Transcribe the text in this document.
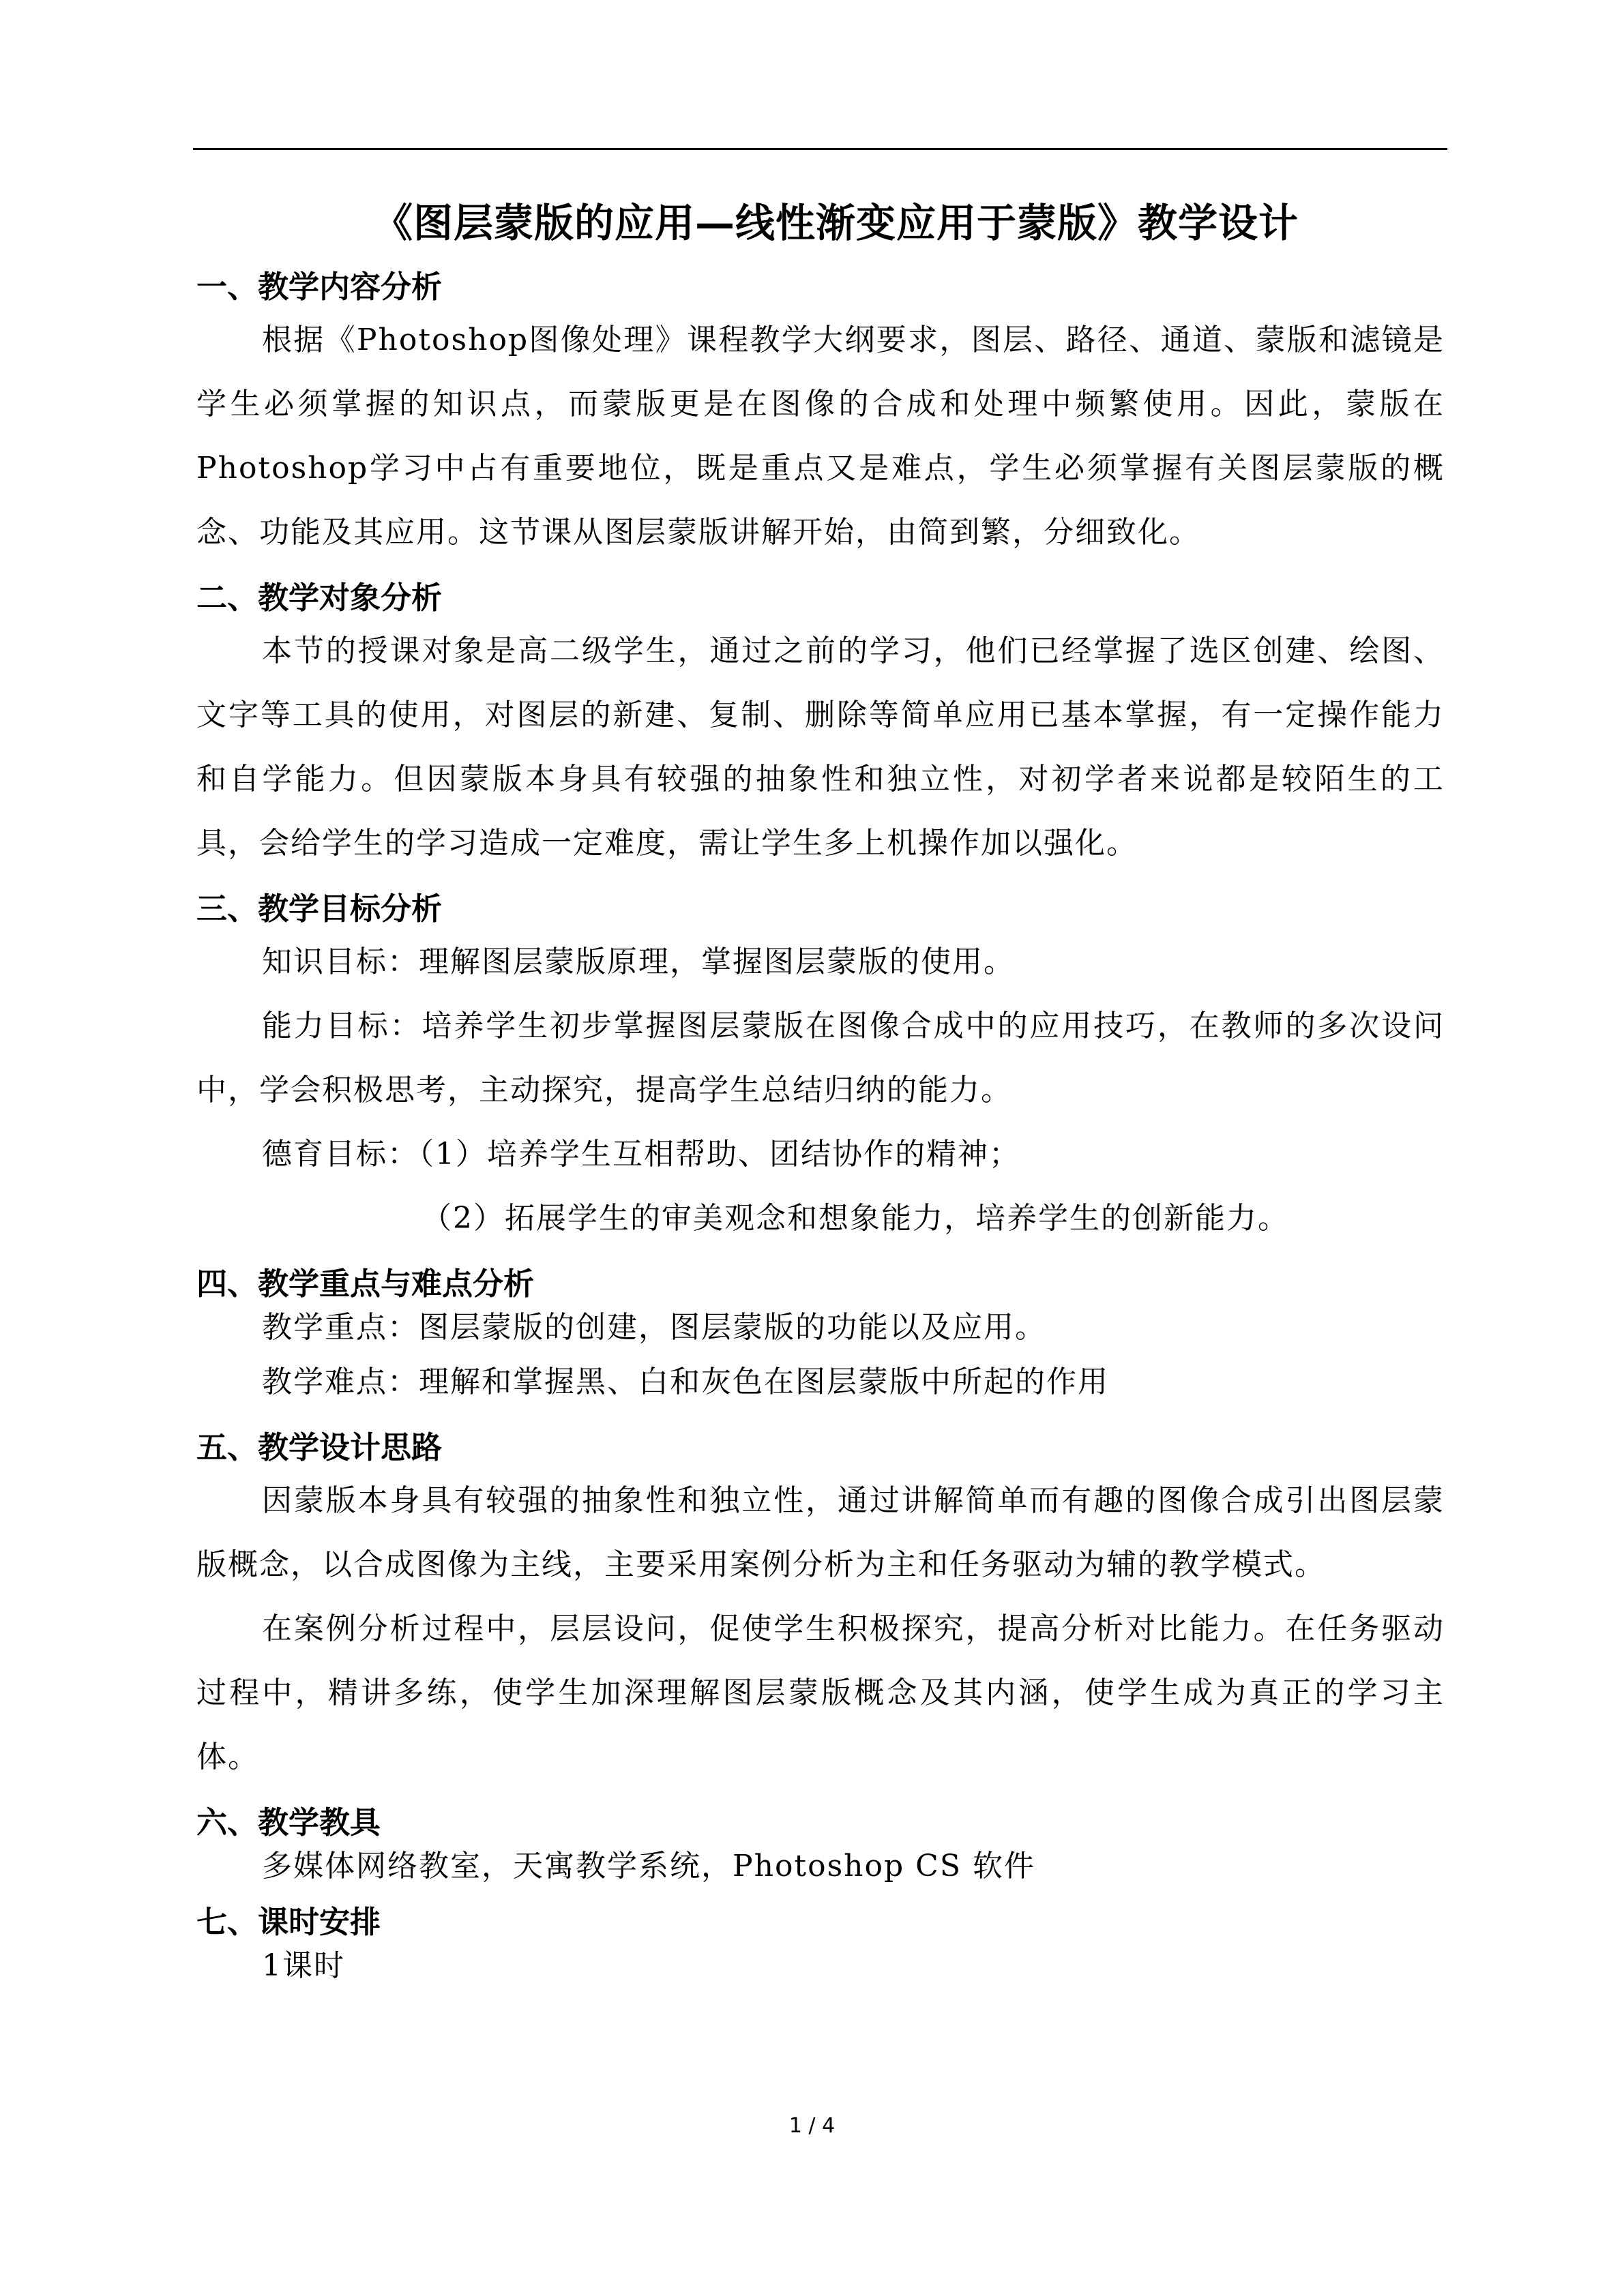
《图层蒙版的应用—线性渐变应用于蒙版》教学设计
一、教学内容分析

根据《Photoshop图像处理》课程教学大纲要求，图层、路径、通道、蒙版和滤镜是学生必须掌握的知识点，而蒙版更是在图像的合成和处理中频繁使用。因此，蒙版在Photoshop学习中占有重要地位，既是重点又是难点，学生必须掌握有关图层蒙版的概念、功能及其应用。这节课从图层蒙版讲解开始，由简到繁，分细致化。

二、教学对象分析

本节的授课对象是高二级学生，通过之前的学习，他们已经掌握了选区创建、绘图、文字等工具的使用，对图层的新建、复制、删除等简单应用已基本掌握，有一定操作能力和自学能力。但因蒙版本身具有较强的抽象性和独立性，对初学者来说都是较陌生的工具，会给学生的学习造成一定难度，需让学生多上机操作加以强化。

三、教学目标分析

知识目标：理解图层蒙版原理，掌握图层蒙版的使用。

能力目标：培养学生初步掌握图层蒙版在图像合成中的应用技巧，在教师的多次设问中，学会积极思考，主动探究，提高学生总结归纳的能力。

德育目标：（1）培养学生互相帮助、团结协作的精神；

（2）拓展学生的审美观念和想象能力，培养学生的创新能力。

四、教学重点与难点分析

教学重点：图层蒙版的创建，图层蒙版的功能以及应用。

教学难点：理解和掌握黑、白和灰色在图层蒙版中所起的作用

五、教学设计思路

因蒙版本身具有较强的抽象性和独立性，通过讲解简单而有趣的图像合成引出图层蒙版概念，以合成图像为主线，主要采用案例分析为主和任务驱动为辅的教学模式。

在案例分析过程中，层层设问，促使学生积极探究，提高分析对比能力。在任务驱动过程中，精讲多练，使学生加深理解图层蒙版概念及其内涵，使学生成为真正的学习主体。

六、教学教具

多媒体网络教室，天寓教学系统，Photoshop CS 软件

七、课时安排

1课时

1 / 4
